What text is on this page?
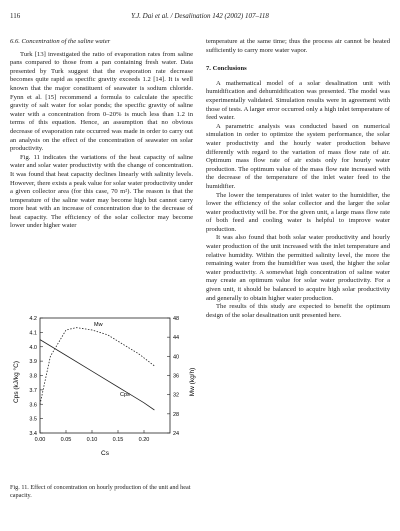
116	Y.J. Dai et al. / Desalination 142 (2002) 107–118
6.6. Concentration of the saline water

Turk [13] investigated the ratio of evaporation rates from saline pans compared to those from a pan containing fresh water. Data presented by Turk suggest that the evaporation rate decrease becomes quite rapid as specific gravity exceeds 1.2 [14]. It is well known that the major constituent of seawater is sodium chloride. Fynn et al. [15] recommend a formula to calculate the specific gravity of salt water for solar ponds; the specific gravity of saline water with a concentration from 0–20% is much less than 1.2 in terms of this equation. Hence, an assumption that no obvious decrease of evaporation rate occurred was made in order to carry out an analysis on the effect of the concentration of seawater on solar productivity.

Fig. 11 indicates the variations of the heat capacity of saline water and solar water productivity with the change of concentration. It was found that heat capacity declines linearly with salinity levels. However, there exists a peak value for solar water productivity under a given collector area (for this case, 70 m²). The reason is that the temperature of the saline water may become high but cannot carry more heat with an increase of concentration due to the decrease of heat capacity. The efficiency of the solar collector may become lower under higher water

temperature at the same time; thus the process air cannot be heated sufficiently to carry more water vapor.

7. Conclusions

A mathematical model of a solar desalination unit with humidification and dehumidification was presented. The model was experimentally validated. Simulation results were in agreement with those of tests. A larger error occurred only a high inlet temperature of feed water.

A parametric analysis was conducted based on numerical simulation in order to optimize the system performance, the solar water productivity and the hourly water production behave differently with regard to the variation of mass flow rate of air. Optimum mass flow rate of air exists only for hourly water production. The optimum value of the mass flow rate increased with the decrease of the temperature of the inlet water feed to the humidifier.

The lower the temperatures of inlet water to the humidifier, the lower the efficiency of the solar collector and the larger the solar water productivity will be. For the given unit, a large mass flow rate of both feed and cooling water is helpful to improve water production.

It was also found that both solar water productivity and hourly water production of the unit increased with the inlet temperature and relative humidity. Within the permitted salinity level, the more the remaining water from the humidifier was used, the higher the solar water productivity. A somewhat high concentration of saline water may create an optimum value for solar water productivity. For a given unit, it should be balanced to acquire high solar productivity and generally to obtain higher water production.

The results of this study are expected to benefit the optimum design of the solar desalination unit presented here.

4.2
4.1
4.0
3.9
3.8
3.7
3.6
3.5
3.4
48
44
40
36
32
28
24
0.00	0.05	0.10	0.15	0.20
Cps
Mw
Cps (kJ/kg °C)	Mw (kg/h)
Cs
Fig. 11. Effect of concentration on hourly production of the unit and heat capacity.
